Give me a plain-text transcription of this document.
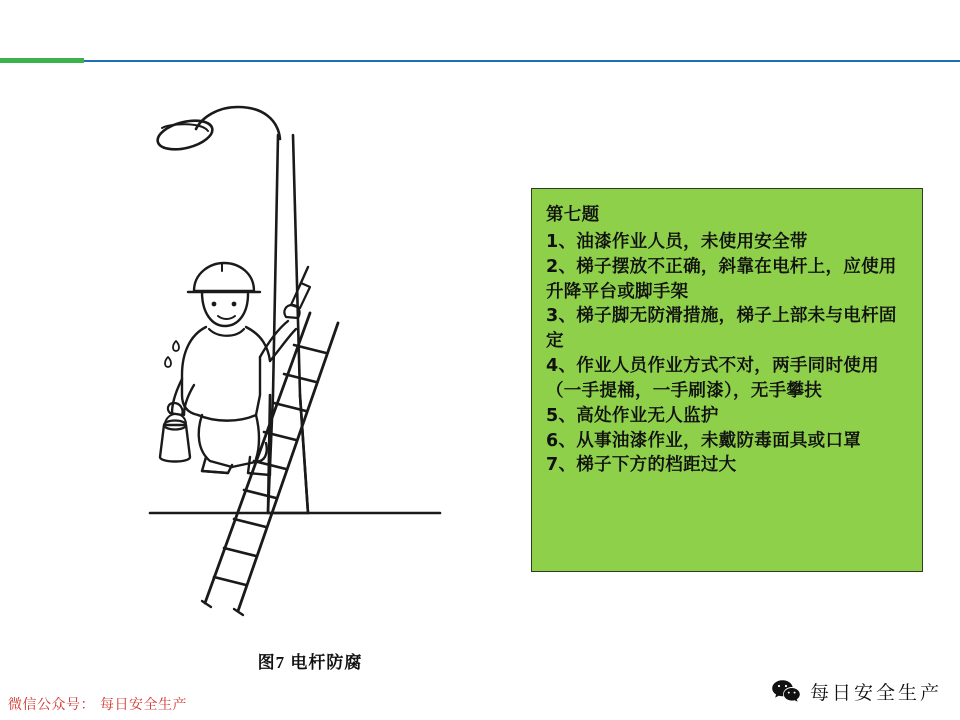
图7 电杆防腐
第七题
1、油漆作业人员，未使用安全带
2、梯子摆放不正确，斜靠在电杆上，应使用升降平台或脚手架
3、梯子脚无防滑措施，梯子上部未与电杆固定
4、作业人员作业方式不对，两手同时使用（一手提桶，一手刷漆），无手攀扶
5、高处作业无人监护
6、从事油漆作业，未戴防毒面具或口罩
7、梯子下方的档距过大
微信公众号： 每日安全生产
每日安全生产
